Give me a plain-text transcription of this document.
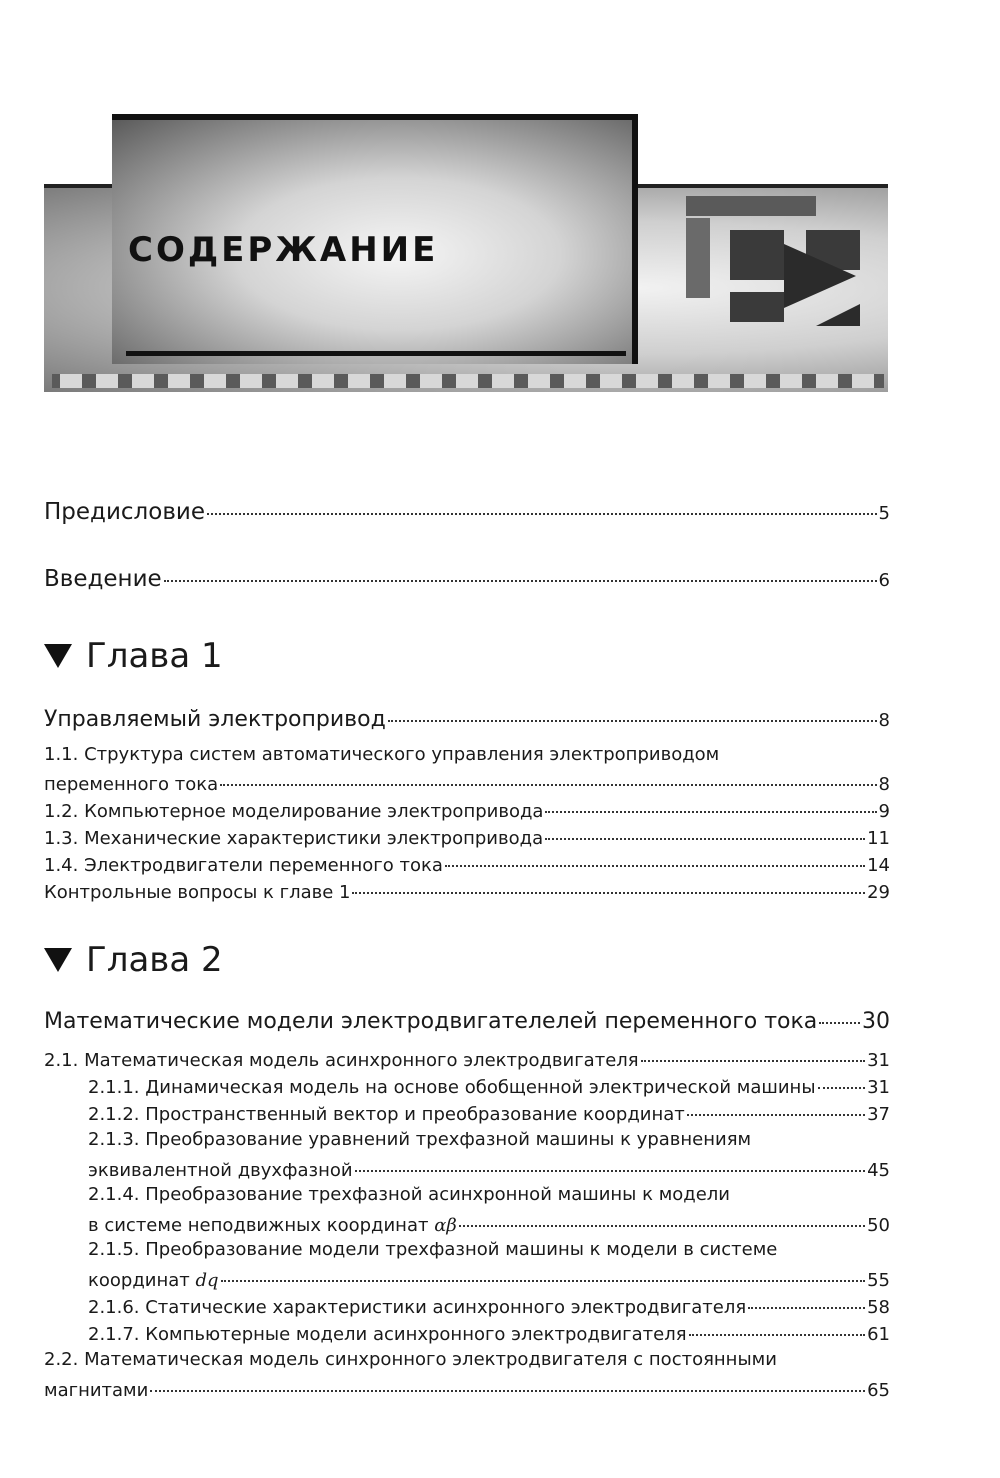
СОДЕРЖАНИЕ
Предисловие	5
Введение	6
Глава 1
Управляемый электропривод	8
1.1. Структура систем автоматического управления электроприводом
переменного тока	8
1.2. Компьютерное моделирование электропривода	9
1.3. Механические характеристики электропривода	11
1.4. Электродвигатели переменного тока	14
Контрольные вопросы к главе 1	29
Глава 2
Математические модели электродвигателелей переменного тока 30
2.1. Математическая модель асинхронного электродвигателя	31
2.1.1. Динамическая модель на основе обобщенной электрической машины	31
2.1.2. Пространственный вектор и преобразование координат	37
2.1.3. Преобразование уравнений трехфазной машины к уравнениям
эквивалентной двухфазной	45
2.1.4. Преобразование трехфазной асинхронной машины к модели
в системе неподвижных координат αβ	50
2.1.5. Преобразование модели трехфазной машины к модели в системе
координат dq	55
2.1.6. Статические характеристики асинхронного электродвигателя	58
2.1.7. Компьютерные модели асинхронного электродвигателя	61
2.2. Математическая модель синхронного электродвигателя с постоянными
магнитами	65
